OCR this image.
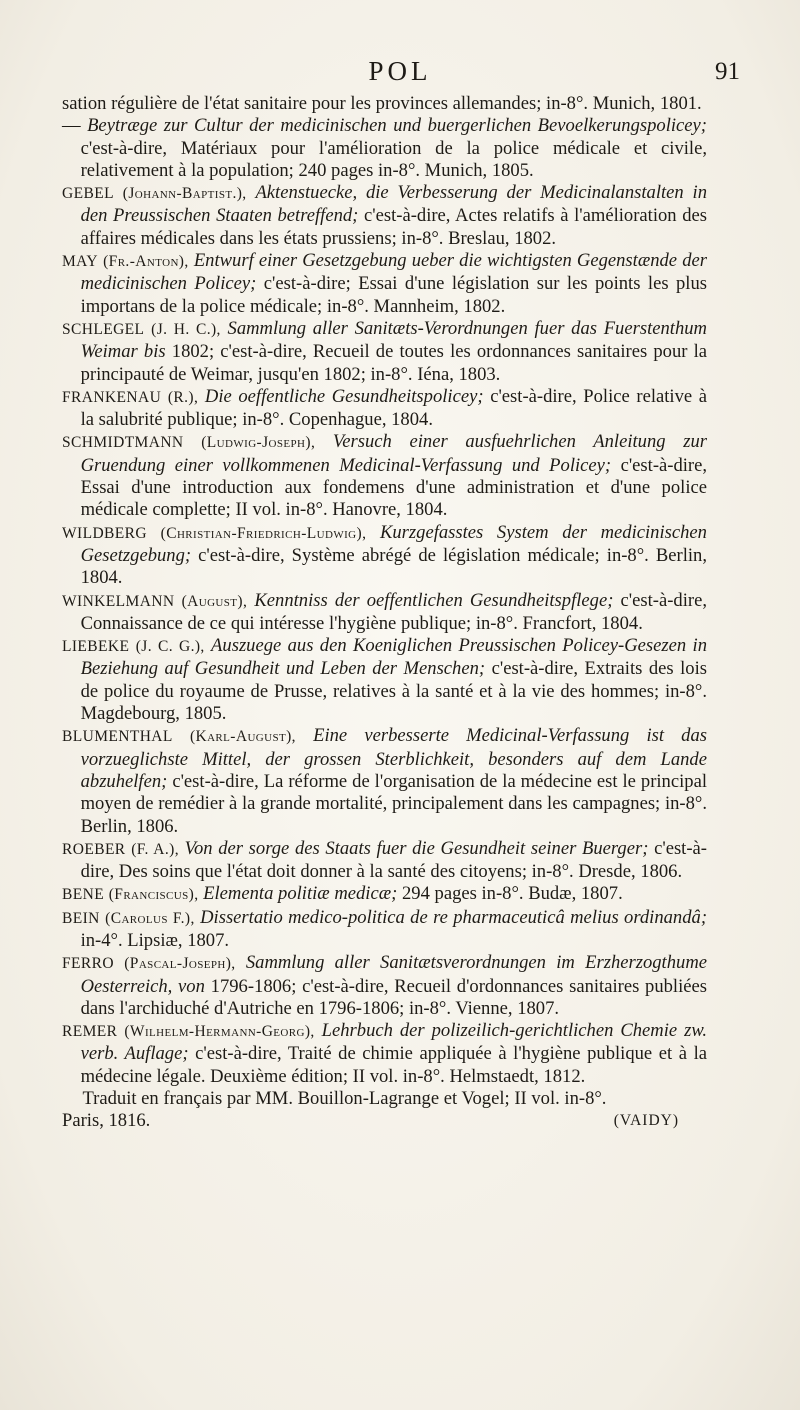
POL	91

sation régulière de l'état sanitaire pour les provinces allemandes; in-8°. Munich, 1801.

— Beytræge zur Cultur der medicinischen und buergerlichen Bevoelkerungspolicey; c'est-à-dire, Matériaux pour l'amélioration de la police médicale et civile, relativement à la population; 240 pages in-8°. Munich, 1805.

GEBEL (Johann-Baptist.), Aktenstuecke, die Verbesserung der Medicinalanstalten in den Preussischen Staaten betreffend; c'est-à-dire, Actes relatifs à l'amélioration des affaires médicales dans les états prussiens; in-8°. Breslau, 1802.

MAY (Fr.-Anton), Entwurf einer Gesetzgebung ueber die wichtigsten Gegenstænde der medicinischen Policey; c'est-à-dire; Essai d'une législation sur les points les plus importans de la police médicale; in-8°. Mannheim, 1802.

SCHLEGEL (J. H. C.), Sammlung aller Sanitæts-Verordnungen fuer das Fuerstenthum Weimar bis 1802; c'est-à-dire, Recueil de toutes les ordonnances sanitaires pour la principauté de Weimar, jusqu'en 1802; in-8°. Iéna, 1803.

FRANKENAU (R.), Die oeffentliche Gesundheitspolicey; c'est-à-dire, Police relative à la salubrité publique; in-8°. Copenhague, 1804.

SCHMIDTMANN (Ludwig-Joseph), Versuch einer ausfuehrlichen Anleitung zur Gruendung einer vollkommenen Medicinal-Verfassung und Policey; c'est-à-dire, Essai d'une introduction aux fondemens d'une administration et d'une police médicale complette; II vol. in-8°. Hanovre, 1804.

WILDBERG (Christian-Friedrich-Ludwig), Kurzgefasstes System der medicinischen Gesetzgebung; c'est-à-dire, Système abrégé de législation médicale; in-8°. Berlin, 1804.

WINKELMANN (August), Kenntniss der oeffentlichen Gesundheitspflege; c'est-à-dire, Connaissance de ce qui intéresse l'hygiène publique; in-8°. Francfort, 1804.

LIEBEKE (J. C. G.), Auszuege aus den Koeniglichen Preussischen Policey-Gesezen in Beziehung auf Gesundheit und Leben der Menschen; c'est-à-dire, Extraits des lois de police du royaume de Prusse, relatives à la santé et à la vie des hommes; in-8°. Magdebourg, 1805.

BLUMENTHAL (Karl-August), Eine verbesserte Medicinal-Verfassung ist das vorzueglichste Mittel, der grossen Sterblichkeit, besonders auf dem Lande abzuhelfen; c'est-à-dire, La réforme de l'organisation de la médecine est le principal moyen de remédier à la grande mortalité, principalement dans les campagnes; in-8°. Berlin, 1806.

ROEBER (F. A.), Von der sorge des Staats fuer die Gesundheit seiner Buerger; c'est-à-dire, Des soins que l'état doit donner à la santé des citoyens; in-8°. Dresde, 1806.

BENE (Franciscus), Elementa politiæ medicæ; 294 pages in-8°. Budæ, 1807.

BEIN (Carolus F.), Dissertatio medico-politica de re pharmaceuticâ melius ordinandâ; in-4°. Lipsiæ, 1807.

FERRO (Pascal-Joseph), Sammlung aller Sanitætsverordnungen im Erzherzogthume Oesterreich, von 1796-1806; c'est-à-dire, Recueil d'ordonnances sanitaires publiées dans l'archiduché d'Autriche en 1796-1806; in-8°. Vienne, 1807.

REMER (Wilhelm-Hermann-Georg), Lehrbuch der polizeilich-gerichtlichen Chemie zw. verb. Auflage; c'est-à-dire, Traité de chimie appliquée à l'hygiène publique et à la médecine légale. Deuxième édition; II vol. in-8°. Helmstaedt, 1812.

Traduit en français par MM. Bouillon-Lagrange et Vogel; II vol. in-8°.

Paris, 1816.	(VAIDY)
